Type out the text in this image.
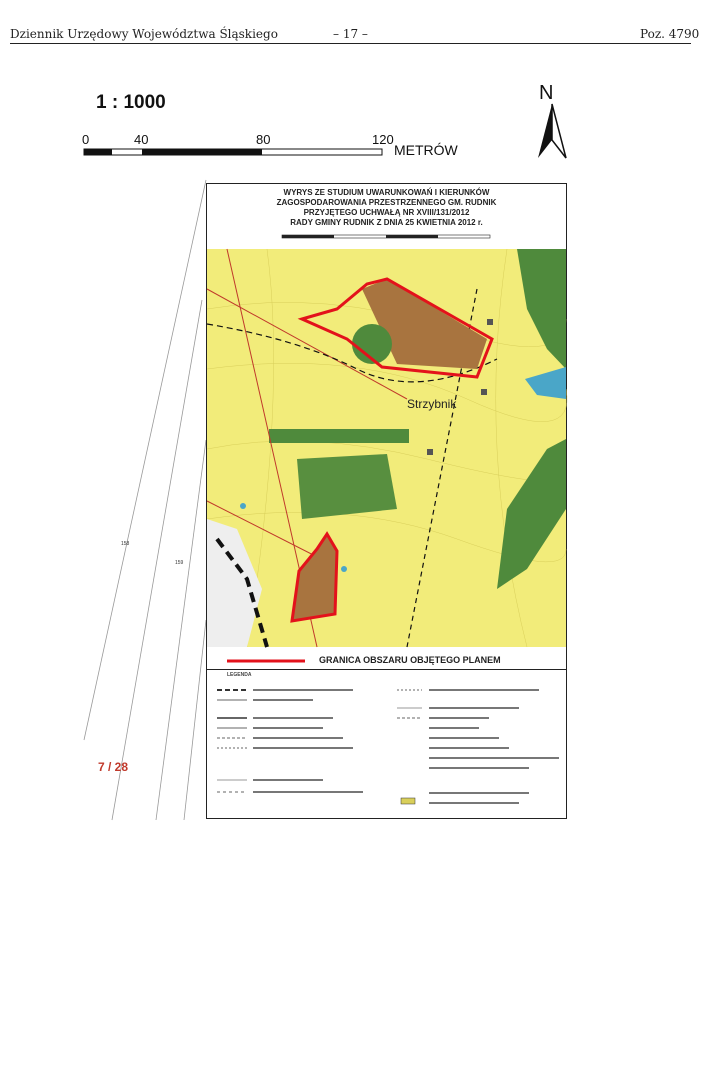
Dziennik Urzędowy Województwa Śląskiego	– 17 –	Poz. 4790
1 : 1000
0	40	80	120
METRÓW
N
158
159
WYRYS ZE STUDIUM UWARUNKOWAŃ I KIERUNKÓW
ZAGOSPODAROWANIA PRZESTRZENNEGO GM. RUDNIK
PRZYJĘTEGO UCHWAŁĄ NR XVIII/131/2012
RADY GMINY RUDNIK Z DNIA 25 KWIETNIA 2012 r.
Strzybnik
GRANICA OBSZARU OBJĘTEGO PLANEM
LEGENDA
7 / 28
